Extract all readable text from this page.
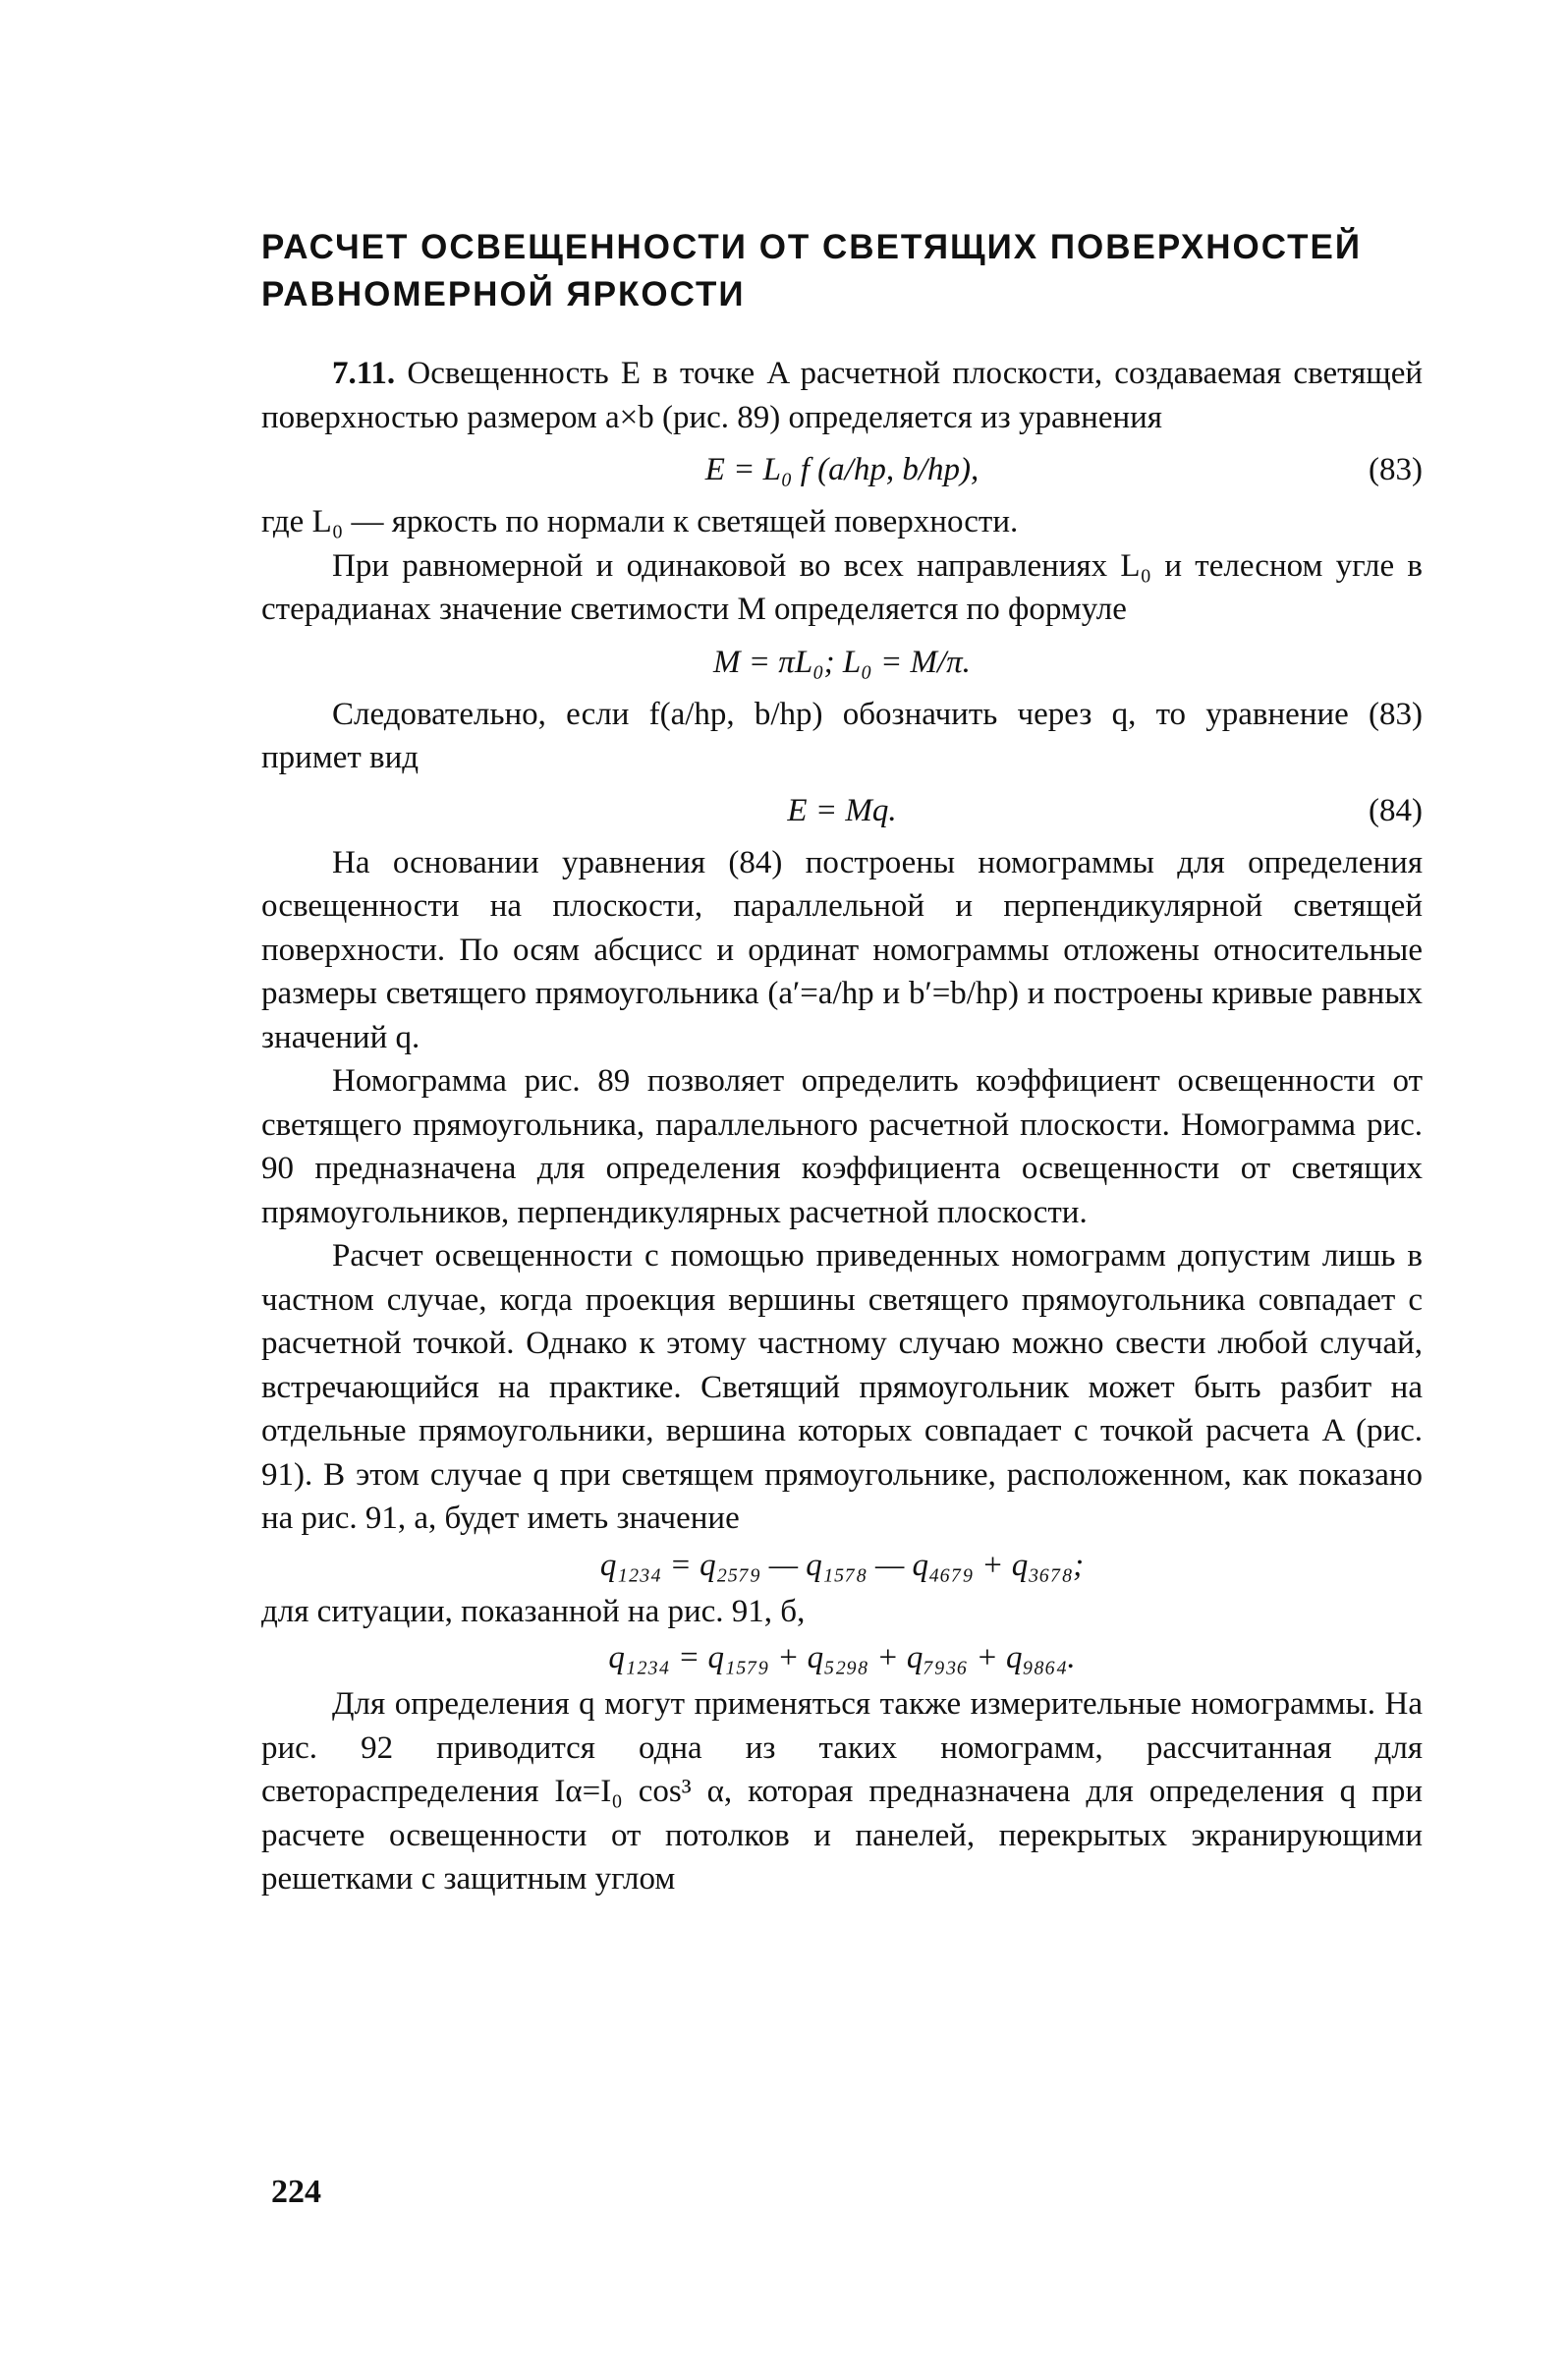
РАСЧЕТ ОСВЕЩЕННОСТИ ОТ СВЕТЯЩИХ ПОВЕРХНОСТЕЙ
РАВНОМЕРНОЙ ЯРКОСТИ

7.11. Освещенность E в точке A расчетной плоскости, создаваемая светящей поверхностью размером a×b (рис. 89) определяется из уравнения

E = L₀ f (a/hр, b/hр),	(83)

где L₀ — яркость по нормали к светящей поверхности.

При равномерной и одинаковой во всех направлениях L₀ и телесном угле в стерадианах значение светимости M определяется по формуле

M = πL₀; L₀ = M/π.

Следовательно, если f(a/hр, b/hр) обозначить через q, то уравнение (83) примет вид

E = Mq.	(84)

На основании уравнения (84) построены номограммы для определения освещенности на плоскости, параллельной и перпендикулярной светящей поверхности. По осям абсцисс и ординат номограммы отложены относительные размеры светящего прямоугольника (a′=a/hр и b′=b/hр) и построены кривые равных значений q.

Номограмма рис. 89 позволяет определить коэффициент освещенности от светящего прямоугольника, параллельного расчетной плоскости. Номограмма рис. 90 предназначена для определения коэффициента освещенности от светящих прямоугольников, перпендикулярных расчетной плоскости.

Расчет освещенности с помощью приведенных номограмм допустим лишь в частном случае, когда проекция вершины светящего прямоугольника совпадает с расчетной точкой. Однако к этому частному случаю можно свести любой случай, встречающийся на практике. Светящий прямоугольник может быть разбит на отдельные прямоугольники, вершина которых совпадает с точкой расчета A (рис. 91). В этом случае q при светящем прямоугольнике, расположенном, как показано на рис. 91, а, будет иметь значение

q₁₂₃₄ = q₂₅₇₉ — q₁₅₇₈ — q₄₆₇₉ + q₃₆₇₈;

для ситуации, показанной на рис. 91, б,

q₁₂₃₄ = q₁₅₇₉ + q₅₂₉₈ + q₇₉₃₆ + q₉₈₆₄.

Для определения q могут применяться также измерительные номограммы. На рис. 92 приводится одна из таких номограмм, рассчитанная для светораспределения Iα=I₀ cos³ α, которая предназначена для определения q при расчете освещенности от потолков и панелей, перекрытых экранирующими решетками с защитным углом

224
